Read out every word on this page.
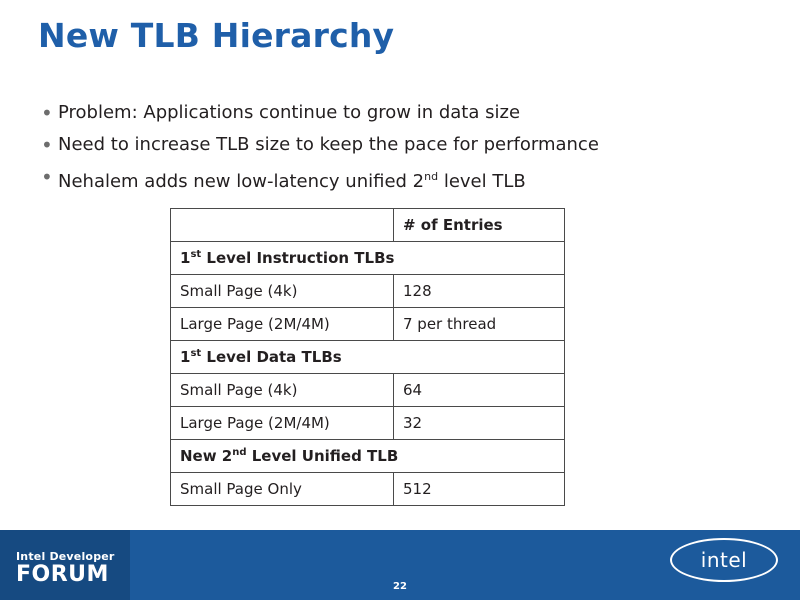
New TLB Hierarchy
• Problem: Applications continue to grow in data size
• Need to increase TLB size to keep the pace for performance
• Nehalem adds new low-latency unified 2nd level TLB
	# of Entries
1st Level Instruction TLBs	
Small Page (4k)	128
Large Page (2M/4M)	7 per thread
1st Level Data TLBs	
Small Page (4k)	64
Large Page (2M/4M)	32
New 2nd Level Unified TLB	
Small Page Only	512
Intel Developer
FORUM	22
intel
